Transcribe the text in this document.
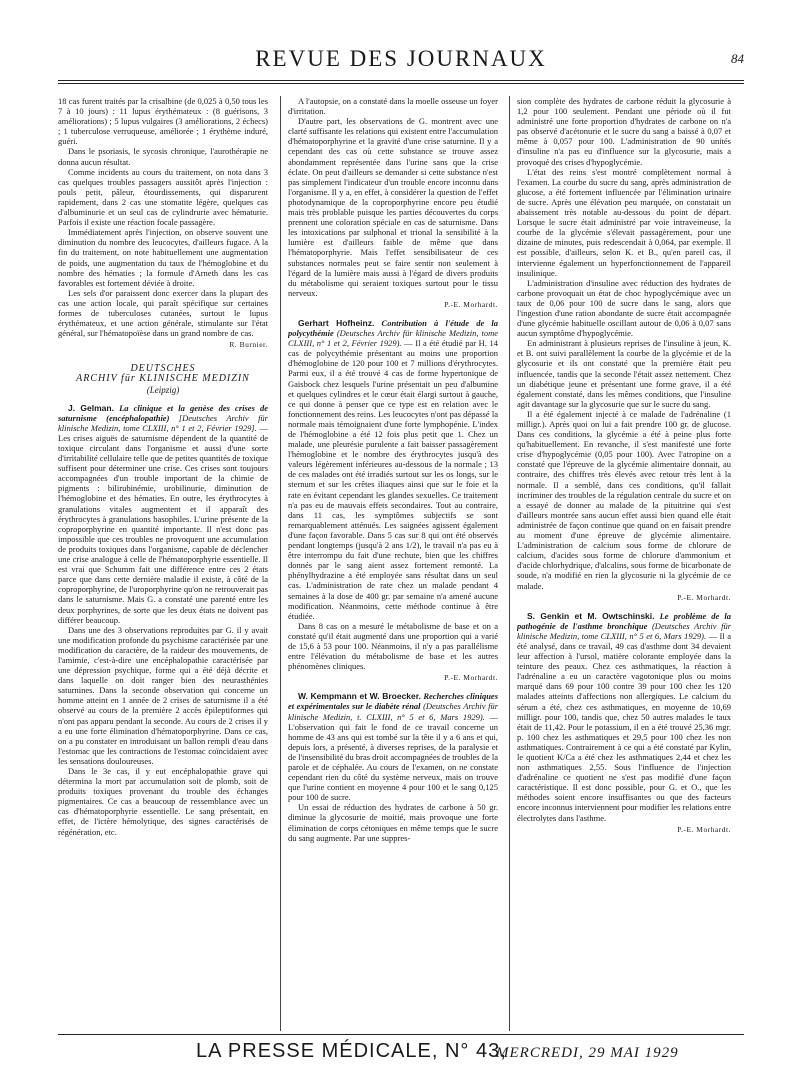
REVUE DES JOURNAUX	84

18 cas furent traités par la crisalbine (de 0,025 à 0,50 tous les 7 à 10 jours) : 11 lupus érythémateux : (8 guérisons, 3 améliorations) ; 5 lupus vulgaires (3 améliorations, 2 échecs) ; 1 tuberculose verruqueuse, améliorée ; 1 érythème induré, guéri.

Dans le psoriasis, le sycosis chronique, l'aurothérapie ne donna aucun résultat.

Comme incidents au cours du traitement, on nota dans 3 cas quelques troubles passagers aussitôt après l'injection : pouls petit, pâleur, étourdissements, qui disparurent rapidement, dans 2 cas une stomatite légère, quelques cas d'albuminurie et un seul cas de cylindrurie avec hématurie. Parfois il existe une réaction focale passagère.

Immédiatement après l'injection, on observe souvent une diminution du nombre des leucocytes, d'ailleurs fugace. A la fin du traitement, on note habituellement une augmentation de poids, une augmentation du taux de l'hémoglobine et du nombre des hématies ; la formule d'Arneth dans les cas favorables est fortement déviée à droite.

Les sels d'or paraissent donc exercer dans la plupart des cas une action locale, qui paraît spécifique sur certaines formes de tuberculoses cutanées, surtout le lupus érythémateux, et une action générale, stimulante sur l'état général, sur l'hématopoïèse dans un grand nombre de cas.

R. Burnier.
DEUTSCHES
ARCHIV für KLINISCHE MEDIZIN
(Leipzig)

J. Gelman. La clinique et la genèse des crises de saturnisme (encéphalopathie) [Deutsches Archiv für klinische Medizin, tome CLXIII, n° 1 et 2, Février 1929]. — Les crises aiguës de saturnisme dépendent de la quantité de toxique circulant dans l'organisme et aussi d'une sorte d'irritabilité cellulaire telle que de petites quantités de toxique suffisent pour déterminer une crise. Ces crises sont toujours accompagnées d'un trouble important de la chimie de pigments : bilirubinémie, urobilinurie, diminution de l'hémoglobine et des hématies. En outre, les érythrocytes à granulations vitales augmentent et il apparaît des érythrocytes à granulations basophiles. L'urine présente de la coproporphyrine en quantité importante. Il n'est donc pas impossible que ces troubles ne provoquent une accumulation de produits toxiques dans l'organisme, capable de déclencher une crise analogue à celle de l'hématoporphyrie essentielle. Il est vrai que Schumm fait une différence entre ces 2 états parce que dans cette dernière maladie il existe, à côté de la coproporphyrine, de l'uroporphyrine qu'on ne retrouverait pas dans le saturnisme. Mais G. a constaté une parenté entre les deux porphyrines, de sorte que les deux états ne doivent pas différer beaucoup.

Dans une des 3 observations reproduites par G. il y avait une modification profonde du psychisme caractérisée par une modification du caractère, de la raideur des mouvements, de l'amimie, c'est-à-dire une encéphalopathie caractérisée par une dépression psychique, forme qui a été déjà décrite et dans laquelle on doit ranger bien des neurasthénies saturnines. Dans la seconde observation qui concerne un homme atteint en 1 année de 2 crises de saturnisme il a été observé au cours de la première 2 accès épileptiformes qui n'ont pas apparu pendant la seconde. Au cours de 2 crises il y a eu une forte élimination d'hématoporphyrine. Dans ce cas, on a pu constater en introduisant un ballon rempli d'eau dans l'estomac que les contractions de l'estomac coïncidaient avec les sensations douloureuses.

Dans le 3e cas, il y eut encéphalopathie grave qui détermina la mort par accumulation soit de plomb, soit de produits toxiques provenant du trouble des échanges pigmentaires. Ce cas a beaucoup de ressemblance avec un cas d'hématoporphyrie essentielle. Le sang présentait, en effet, de l'ictère hémolytique, des signes caractérisés de régénération, etc.

A l'autopsie, on a constaté dans la moelle osseuse un foyer d'irritation.

D'autre part, les observations de G. montrent avec une clarté suffisante les relations qui existent entre l'accumulation d'hématoporphyrine et la gravité d'une crise saturnine. Il y a cependant des cas où cette substance se trouve assez abondamment représentée dans l'urine sans que la crise éclate. On peut d'ailleurs se demander si cette substance n'est pas simplement l'indicateur d'un trouble encore inconnu dans l'organisme. Il y a, en effet, à considérer la question de l'effet photodynamique de la coproporphyrine encore peu étudié mais très problable puisque les parties découvertes du corps prennent une coloration spéciale en cas de saturnisme. Dans les intoxications par sulphonal et trional la sensibilité à la lumière est d'ailleurs faible de même que dans l'hématoporphyrie. Mais l'effet sensibilisateur de ces substances normales peut se faire sentir non seulement à l'égard de la lumière mais aussi à l'égard de divers produits du métabolisme qui seraient toxiques surtout pour le tissu nerveux.

P.-E. Morhardt.

Gerhart Hofheinz. Contribution à l'étude de la polycythémie (Deutsches Archiv für klinische Medizin, tome CLXIII, n° 1 et 2, Février 1929). — Il a été étudié par H. 14 cas de polycythémie présentant au moins une proportion d'hémoglobine de 120 pour 100 et 7 millions d'érythrocytes. Parmi eux, il a été trouvé 4 cas de forme hypertonique de Gaisbock chez lesquels l'urine présentait un peu d'albumine et quelques cylindres et le cœur était élargi surtout à gauche, ce qui donne à penser que ce type est en relation avec le fonctionnement des reins. Les leucocytes n'ont pas dépassé la normale mais témoignaient d'une forte lymphopénie. L'index de l'hémoglobine a été 12 fois plus petit que 1. Chez un malade, une pleurésie purulente a fait baisser passagèrement l'hémoglobine et le nombre des érythrocytes jusqu'à des valeurs légèrement inférieures au-dessous de la normale ; 13 de ces malades ont été irradiés surtout sur les os longs, sur le sternum et sur les crêtes iliaques ainsi que sur le foie et la rate en évitant cependant les glandes sexuelles. Ce traitement n'a pas eu de mauvais effets secondaires. Tout au contraire, dans 11 cas, les symptômes subjectifs se sont remarquablement atténués. Les saignées agissent également d'une façon favorable. Dans 5 cas sur 8 qui ont été observés pendant longtemps (jusqu'à 2 ans 1/2), le travail n'a pas eu à être interrompu du fait d'une rechute, bien que les chiffres donnés par le sang aient assez fortement remonté. La phénylhydrazine a été employée sans résultat dans un seul cas. L'administration de rate chez un malade pendant 4 semaines à la dose de 400 gr. par semaine n'a amené aucune modification. Néanmoins, cette méthode continue à être étudiée.

Dans 8 cas on a mesuré le métabolisme de base et on a constaté qu'il était augmenté dans une proportion qui a varié de 15,6 à 53 pour 100. Néanmoins, il n'y a pas parallélisme entre l'élévation du métabolisme de base et les autres phénomènes cliniques.

P.-E. Morhardt.

W. Kempmann et W. Broecker. Recherches cliniques et expérimentales sur le diabète rénal (Deutsches Archiv für klinische Medizin, t. CLXIII, n° 5 et 6, Mars 1929). — L'observation qui fait le fond de ce travail concerne un homme de 43 ans qui est tombé sur la tête il y a 6 ans et qui, depuis lors, a présenté, à diverses reprises, de la paralysie et de l'insensibilité du bras droit accompagnées de troubles de la parole et de céphalée. Au cours de l'examen, on ne constate cependant rien du côté du système nerveux, mais on trouve que l'urine contient en moyenne 4 pour 100 et le sang 0,125 pour 100 de sucre.

Un essai de réduction des hydrates de carbone à 50 gr. diminue la glycosurie de moitié, mais provoque une forte élimination de corps cétoniques en même temps que le sucre du sang augmente. Par une suppres-

sion complète des hydrates de carbone réduit la glycosurie à 1,2 pour 100 seulement. Pendant une période où il fut administré une forte proportion d'hydrates de carbone on n'a pas observé d'acétonurie et le sucre du sang a baissé à 0,07 et même à 0,057 pour 100. L'administration de 90 unités d'insuline n'a pas eu d'influence sur la glycosurie, mais a provoqué des crises d'hypoglycémie.

L'état des reins s'est montré complètement normal à l'examen. La courbe du sucre du sang, après administration de glucose, a été fortement influencée par l'élimination urinaire de sucre. Après une élévation peu marquée, on constatait un abaissement très notable au-dessous du point de départ. Lorsque le sucre était administré par voie intraveineuse, la courbe de la glycémie s'élevait passagèrement, pour une dizaine de minutes, puis redescendait à 0,064, par exemple. Il est possible, d'ailleurs, selon K. et B., qu'en pareil cas, il intervienne également un hyperfonctionnement de l'appareil insulinique.

L'administration d'insuline avec réduction des hydrates de carbone provoquait un état de choc hypoglycémique avec un taux de 0,06 pour 100 de sucre dans le sang, alors que l'ingestion d'une ration abondante de sucre était accompagnée d'une glycémie habituelle oscillant autour de 0,06 à 0,07 sans aucun symptôme d'hypoglycémie.

En administrant à plusieurs reprises de l'insuline à jeun, K. et B. ont suivi parallèlement la courbe de la glycémie et de la glycosurie et ils ont constaté que la première était peu influencée, tandis que la seconde l'était assez nettement. Chez un diabétique jeune et présentant une forme grave, il a été également constaté, dans les mêmes conditions, que l'insuline agit davantage sur la glycosurie que sur le sucre du sang.

Il a été également injecté à ce malade de l'adrénaline (1 milligr.). Après quoi on lui a fait prendre 100 gr. de glucose. Dans ces conditions, la glycémie a été à peine plus forte qu'habituellement. En revanche, il s'est manifesté une forte crise d'hypoglycémie (0,05 pour 100). Avec l'atropine on a constaté que l'épreuve de la glycémie alimentaire donnait, au contraire, des chiffres très élevés avec retour très lent à la normale. Il a semblé, dans ces conditions, qu'il fallait incriminer des troubles de la régulation centrale du sucre et on a essayé de donner au malade de la pituitrine qui s'est d'ailleurs montrée sans aucun effet aussi bien quand elle était administrée de façon continue que quand on en faisait prendre au moment d'une épreuve de glycémie alimentaire. L'administration de calcium sous forme de chlorure de calcium, d'acides sous forme de chlorure d'ammonium et d'acide chlorhydrique, d'alcalins, sous forme de bicarbonate de soude, n'a modifié en rien la glycosurie ni la glycémie de ce malade.

P.-E. Morhardt.

S. Genkin et M. Owtschinski. Le problème de la pathogénie de l'asthme bronchique (Deutsches Archiv für klinische Medizin, tome CLXIII, n° 5 et 6, Mars 1929). — Il a été analysé, dans ce travail, 49 cas d'asthme dont 34 devaient leur affection à l'ursol, matière colorante employée dans la teinture des peaux. Chez ces asthmatiques, la réaction à l'adrénaline a eu un caractère vagotonique plus ou moins marqué dans 69 pour 100 contre 39 pour 100 chez les 120 malades atteints d'affections non allergiques. Le calcium du sérum a été, chez ces asthmatiques, en moyenne de 10,69 milligr. pour 100, tandis que, chez 50 autres malades le taux était de 11,42. Pour le potassium, il en a été trouvé 25,36 mgr. p. 100 chez les asthmatiques et 29,5 pour 100 chez les non asthmatiques. Contrairement à ce qui a été constaté par Kylin, le quotient K/Ca a été chez les asthmatiques 2,44 et chez les non asthmatiques 2,55. Sous l'influence de l'injection d'adrénaline ce quotient ne s'est pas modifié d'une façon caractéristique. Il est donc possible, pour G. et O., que les méthodes soient encore insuffisantes ou que des facteurs encore inconnus interviennent pour modifier les relations entre électrolytes dans l'asthme.

P.-E. Morhardt.
LA PRESSE MÉDICALE, N° 43,
MERCREDI, 29 MAI 1929
